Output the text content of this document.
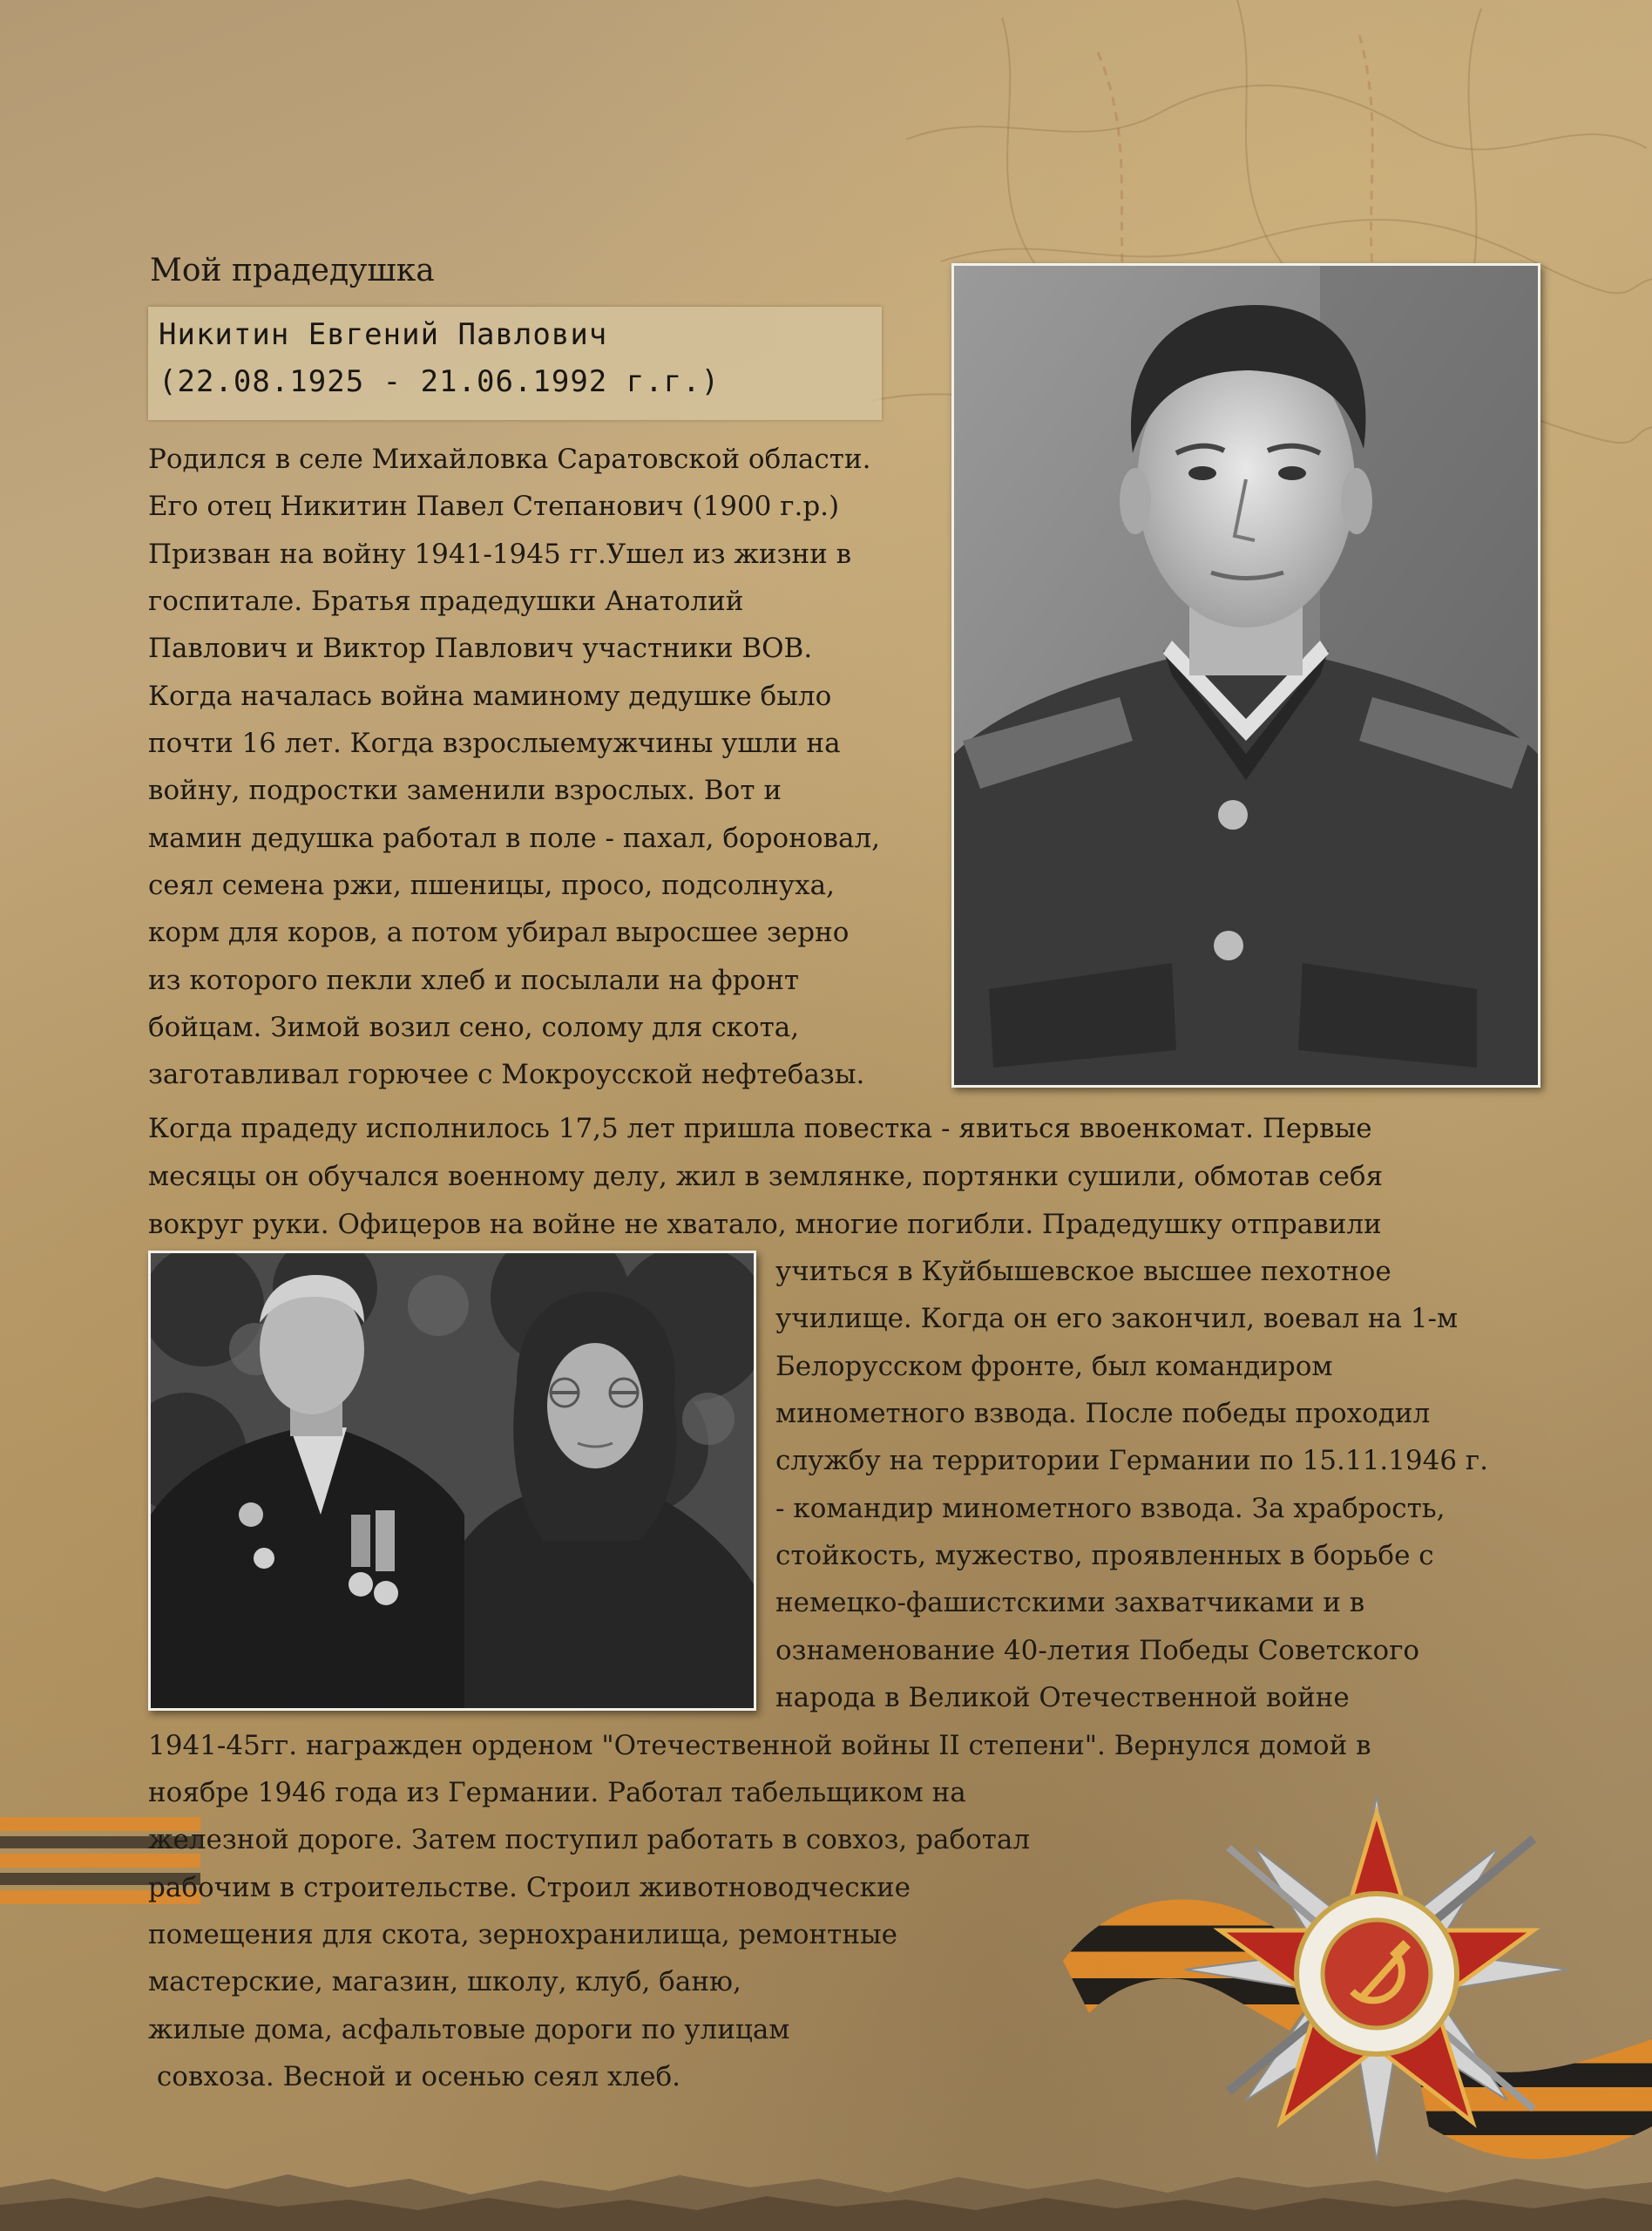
Мой прадедушка

Никитин Евгений Павлович

(22.08.1925 - 21.06.1992 г.г.)

Родился в селе Михайловка Саратовской области.

Его отец Никитин Павел Степанович (1900 г.р.)

Призван на войну 1941-1945 гг.Ушел из жизни в

госпитале. Братья прадедушки Анатолий

Павлович и Виктор Павлович участники ВОВ.

Когда началась война маминому дедушке было

почти 16 лет. Когда взрослыемужчины ушли на

войну, подростки заменили взрослых. Вот и

мамин дедушка работал в поле - пахал, бороновал,

сеял семена ржи, пшеницы, просо, подсолнуха,

корм для коров, а потом убирал выросшее зерно

из которого пекли хлеб и посылали на фронт

бойцам. Зимой возил сено, солому для скота,

заготавливал горючее с Мокроусской нефтебазы.

Когда прадеду исполнилось 17,5 лет пришла повестка - явиться ввоенкомат. Первые

месяцы он обучался военному делу, жил в землянке, портянки сушили, обмотав себя

вокруг руки. Офицеров на войне не хватало, многие погибли. Прадедушку отправили

учиться в Куйбышевское высшее пехотное

училище. Когда он его закончил, воевал на 1-м

Белорусском фронте, был командиром

минометного взвода. После победы проходил

службу на территории Германии по 15.11.1946 г.

- командир минометного взвода. За храбрость,

стойкость, мужество, проявленных в борьбе с

немецко-фашистскими захватчиками и в

ознаменование 40-летия Победы Советского

народа в Великой Отечественной войне

1941-45гг. награжден орденом "Отечественной войны II степени". Вернулся домой в

ноябре 1946 года из Германии. Работал табельщиком на

железной дороге. Затем поступил работать в совхоз, работал

рабочим в строительстве. Строил животноводческие

помещения для скота, зернохранилища, ремонтные

мастерские, магазин, школу, клуб, баню,

жилые дома, асфальтовые дороги по улицам

совхоза. Весной и осенью сеял хлеб.
